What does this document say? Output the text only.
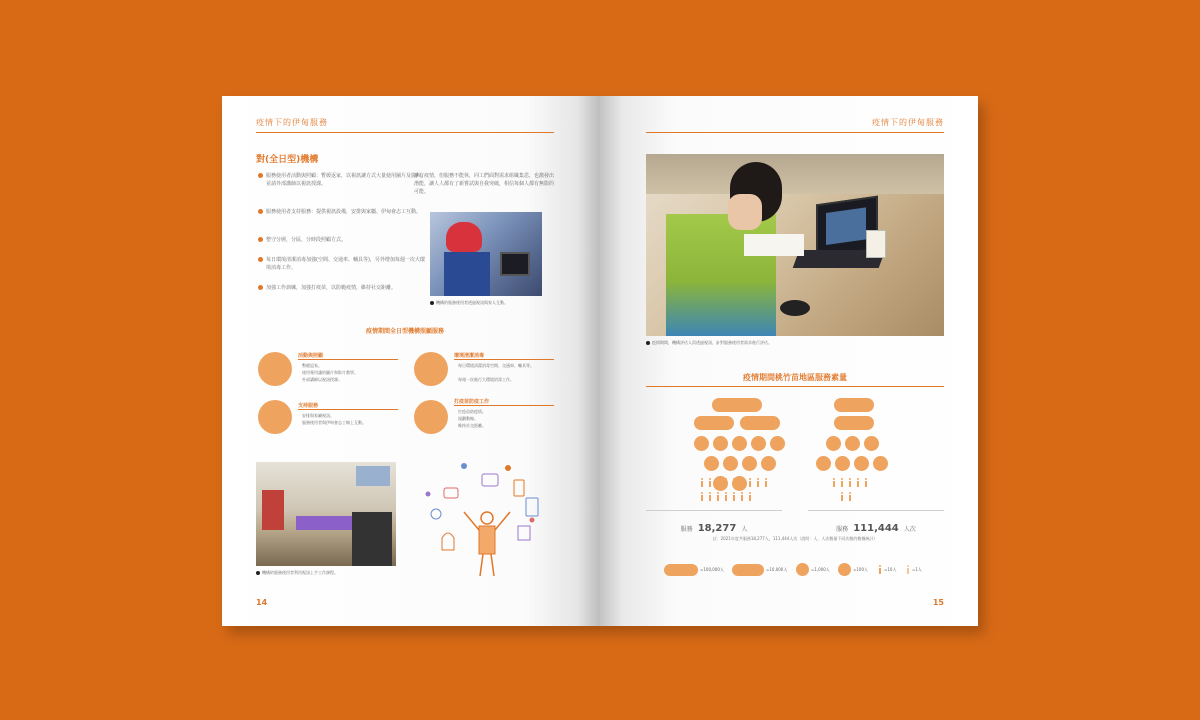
疫情下的伊甸服務
對(全日型)機構
服務使用者活動與照顧：暫緩返家，以視訊讓方式大量使用圖片及影片，並請外部講師以視訊授課。
服務使用者支持服務：提供視訊設備，安排與家屬、伊甸會志工互動。
整守分層，分區，分時段照顧方式。
每日環境清潔消毒加強(空間、交通車、輔具等)，另外增加每週一次大環境消毒工作。
加強工作訓練，加強打疫苗，以防範疫情，維持社交距離。
雖有疫情，但服務不能休，同工們面對需求組織集思，也激發出潛能，讓人人都有了新嘗試與自我突破，相信每個人都有無限的可能。
機構的服務使用者透過視訊與家人互動。
疫情期間全日型機構照顧服務
活動與照顧
暫緩返家。
使用專用讓的圖片和影片教學。
外部講師以視訊授課。
環境清潔消毒
每日環境清潔消毒空間、交通車、輔具等。
每週一次進行大環境消毒工作。
支持服務
安排與家屬視訊。
服務使用者與伊甸會志工線上互動。
打疫苗防疫工作
打疫苗防疫情。
規劃動線。
維持社交距離。
機構的服務使用者利用視訊上手工作課程。
14
疫情下的伊甸服務
疫情期間，機構評估人員透過視訊，針對服務使用者需求進行評估。
疫情期間桃竹苗地區服務素量
服務 18,277 人	服務 111,444 人次
註：2021年度共服務18,277人，111,444人次（說明：人，人次數量不同次數的數據統計）
=100,000人	=10,000人	=1,000人	=100人	=10人	=1人
15
